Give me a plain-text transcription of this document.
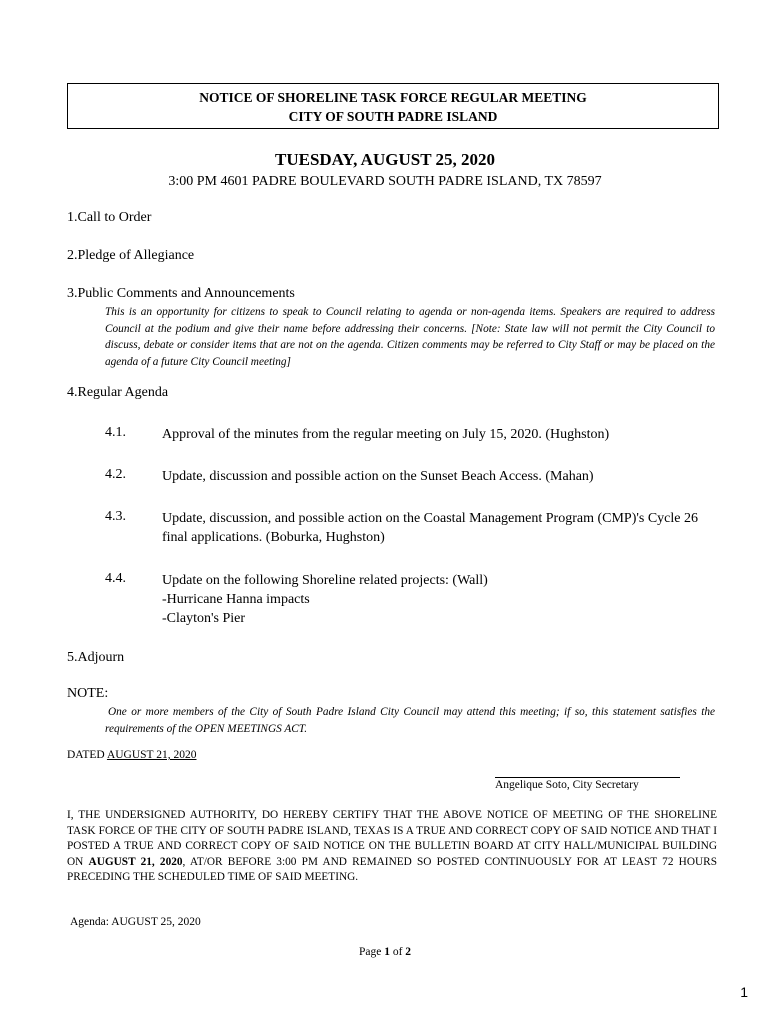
NOTICE OF SHORELINE TASK FORCE REGULAR MEETING
CITY OF SOUTH PADRE ISLAND
TUESDAY, AUGUST 25, 2020
3:00 PM 4601 PADRE BOULEVARD SOUTH PADRE ISLAND, TX 78597
1.Call to Order
2.Pledge of Allegiance
3.Public Comments and Announcements
This is an opportunity for citizens to speak to Council relating to agenda or non-agenda items. Speakers are required to address Council at the podium and give their name before addressing their concerns. [Note: State law will not permit the City Council to discuss, debate or consider items that are not on the agenda. Citizen comments may be referred to City Staff or may be placed on the agenda of a future City Council meeting]
4.Regular Agenda
4.1.	Approval of the minutes from the regular meeting on July 15, 2020. (Hughston)
4.2.	Update, discussion and possible action on the Sunset Beach Access. (Mahan)
4.3.	Update, discussion, and possible action on the Coastal Management Program (CMP)'s Cycle 26 final applications. (Boburka, Hughston)
4.4.	Update on the following Shoreline related projects: (Wall)
-Hurricane Hanna impacts
-Clayton's Pier
5.Adjourn
NOTE:
One or more members of the City of South Padre Island City Council may attend this meeting; if so, this statement satisfies the requirements of the OPEN MEETINGS ACT.
DATED AUGUST 21, 2020
Angelique Soto, City Secretary
I, THE UNDERSIGNED AUTHORITY, DO HEREBY CERTIFY THAT THE ABOVE NOTICE OF MEETING OF THE SHORELINE TASK FORCE OF THE CITY OF SOUTH PADRE ISLAND, TEXAS IS A TRUE AND CORRECT COPY OF SAID NOTICE AND THAT I POSTED A TRUE AND CORRECT COPY OF SAID NOTICE ON THE BULLETIN BOARD AT CITY HALL/MUNICIPAL BUILDING ON AUGUST 21, 2020, AT/OR BEFORE 3:00 PM AND REMAINED SO POSTED CONTINUOUSLY FOR AT LEAST 72 HOURS PRECEDING THE SCHEDULED TIME OF SAID MEETING.
Agenda: AUGUST 25, 2020
Page 1 of 2
1
